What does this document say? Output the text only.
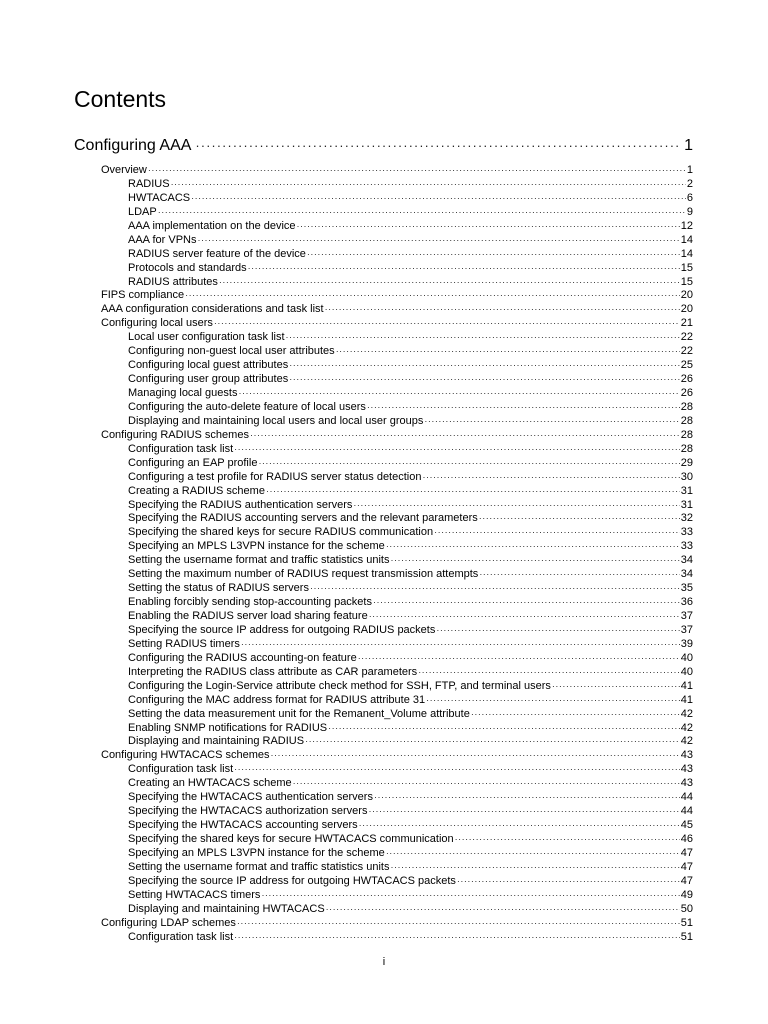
Contents
Configuring AAA ·····	1
Overview ·····	1
RADIUS ·····	2
HWTACACS ·····	6
LDAP ·····	9
AAA implementation on the device ·····	12
AAA for VPNs ·····	14
RADIUS server feature of the device ·····	14
Protocols and standards ·····	15
RADIUS attributes ·····	15
FIPS compliance ·····	20
AAA configuration considerations and task list ·····	20
Configuring local users ·····	21
Local user configuration task list ·····	22
Configuring non-guest local user attributes ·····	22
Configuring local guest attributes ·····	25
Configuring user group attributes ·····	26
Managing local guests ·····	26
Configuring the auto-delete feature of local users ·····	28
Displaying and maintaining local users and local user groups ·····	28
Configuring RADIUS schemes ·····	28
Configuration task list ·····	28
Configuring an EAP profile ·····	29
Configuring a test profile for RADIUS server status detection ·····	30
Creating a RADIUS scheme ·····	31
Specifying the RADIUS authentication servers ·····	31
Specifying the RADIUS accounting servers and the relevant parameters ·····	32
Specifying the shared keys for secure RADIUS communication ·····	33
Specifying an MPLS L3VPN instance for the scheme ·····	33
Setting the username format and traffic statistics units ·····	34
Setting the maximum number of RADIUS request transmission attempts ·····	34
Setting the status of RADIUS servers ·····	35
Enabling forcibly sending stop-accounting packets ·····	36
Enabling the RADIUS server load sharing feature ·····	37
Specifying the source IP address for outgoing RADIUS packets ·····	37
Setting RADIUS timers ·····	39
Configuring the RADIUS accounting-on feature ·····	40
Interpreting the RADIUS class attribute as CAR parameters ·····	40
Configuring the Login-Service attribute check method for SSH, FTP, and terminal users ·····	41
Configuring the MAC address format for RADIUS attribute 31 ·····	41
Setting the data measurement unit for the Remanent_Volume attribute ·····	42
Enabling SNMP notifications for RADIUS ·····	42
Displaying and maintaining RADIUS ·····	42
Configuring HWTACACS schemes ·····	43
Configuration task list ·····	43
Creating an HWTACACS scheme ·····	43
Specifying the HWTACACS authentication servers ·····	44
Specifying the HWTACACS authorization servers ·····	44
Specifying the HWTACACS accounting servers ·····	45
Specifying the shared keys for secure HWTACACS communication ·····	46
Specifying an MPLS L3VPN instance for the scheme ·····	47
Setting the username format and traffic statistics units ·····	47
Specifying the source IP address for outgoing HWTACACS packets ·····	47
Setting HWTACACS timers ·····	49
Displaying and maintaining HWTACACS ·····	50
Configuring LDAP schemes ·····	51
Configuration task list ·····	51
i
